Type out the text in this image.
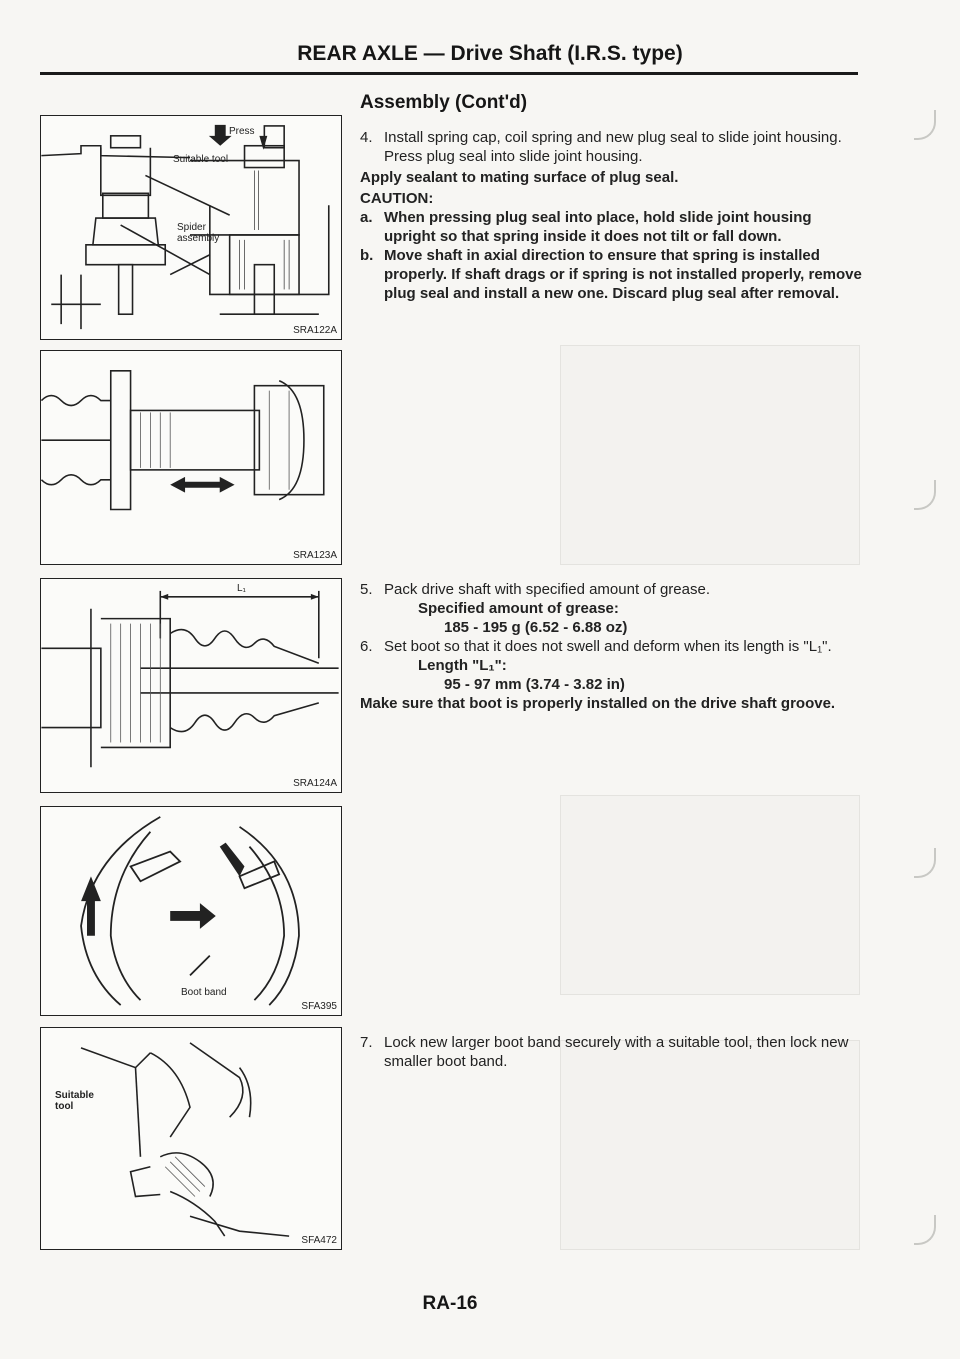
REAR AXLE — Drive Shaft (I.R.S. type)
Assembly (Cont'd)
Press
Suitable tool
Spider assembly
SRA122A
SRA123A
L₁
SRA124A
Boot band
SFA395
Suitable tool
SFA472
4. Install spring cap, coil spring and new plug seal to slide joint housing. Press plug seal into slide joint housing.
Apply sealant to mating surface of plug seal.
CAUTION:
a. When pressing plug seal into place, hold slide joint housing upright so that spring inside it does not tilt or fall down.
b. Move shaft in axial direction to ensure that spring is installed properly. If shaft drags or if spring is not installed properly, remove plug seal and install a new one. Discard plug seal after removal.
5. Pack drive shaft with specified amount of grease.
Specified amount of grease:
185 - 195 g (6.52 - 6.88 oz)
6. Set boot so that it does not swell and deform when its length is "L₁".
Length "L₁":
95 - 97 mm (3.74 - 3.82 in)
Make sure that boot is properly installed on the drive shaft groove.
7. Lock new larger boot band securely with a suitable tool, then lock new smaller boot band.
RA-16
